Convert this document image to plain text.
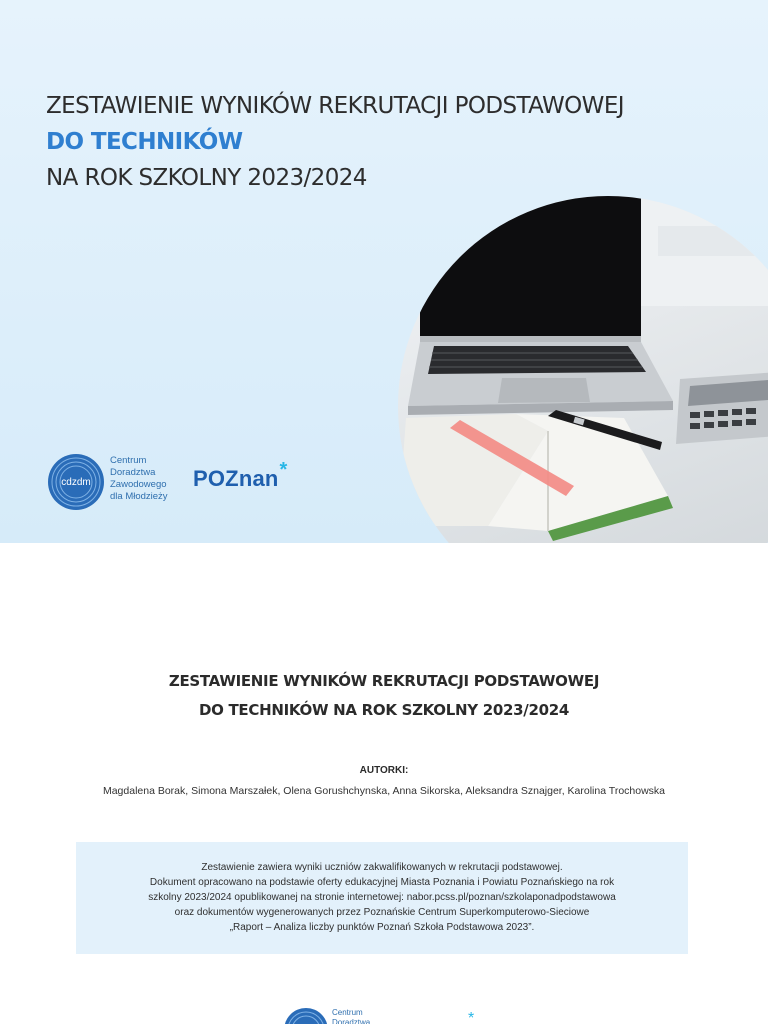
ZESTAWIENIE WYNIKÓW REKRUTACJI PODSTAWOWEJ
DO TECHNIKÓW
NA ROK SZKOLNY 2023/2024
cdzdm
Centrum
Doradztwa
Zawodowego
dla Młodzieży
POZnan*
ZESTAWIENIE WYNIKÓW REKRUTACJI PODSTAWOWEJ
DO TECHNIKÓW NA ROK SZKOLNY 2023/2024
AUTORKI:
Magdalena Borak, Simona Marszałek, Olena Gorushchynska, Anna Sikorska, Aleksandra Sznajger, Karolina Trochowska
Zestawienie zawiera wyniki uczniów zakwalifikowanych w rekrutacji podstawowej.
Dokument opracowano na podstawie oferty edukacyjnej Miasta Poznania i Powiatu Poznańskiego na rok
szkolny 2023/2024 opublikowanej na stronie internetowej: nabor.pcss.pl/poznan/szkolaponadpodstawowa
oraz dokumentów wygenerowanych przez Poznańskie Centrum Superkomputerowo-Sieciowe
„Raport – Analiza liczby punktów Poznań Szkoła Podstawowa 2023”.
Centrum
Doradztwa	*
